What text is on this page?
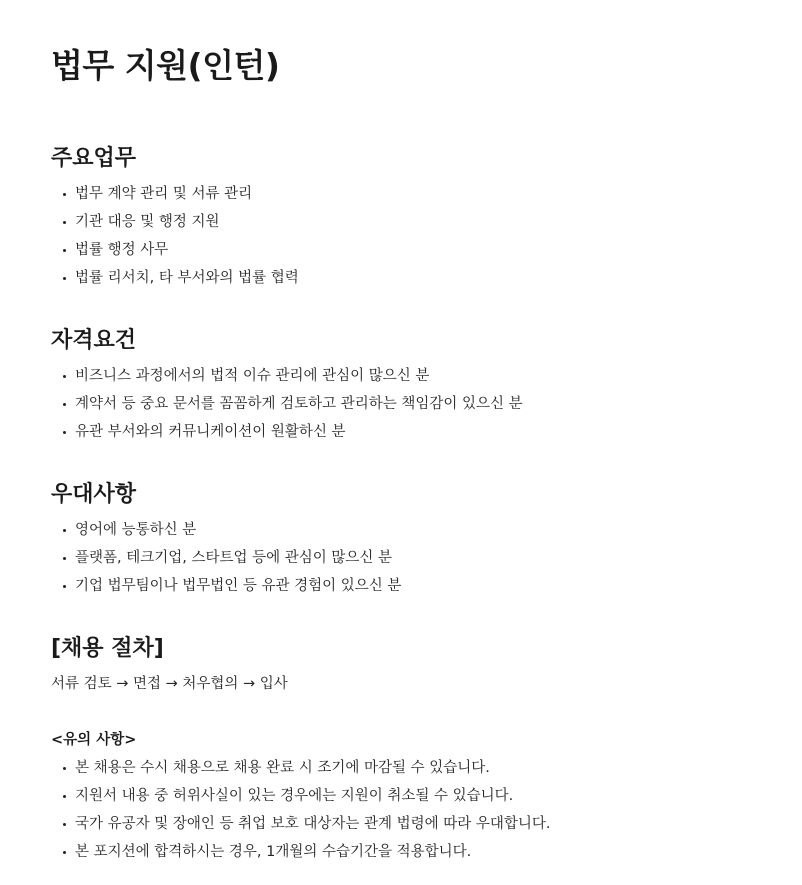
법무 지원(인턴)
주요업무
법무 계약 관리 및 서류 관리
기관 대응 및 행정 지원
법률 행정 사무
법률 리서치, 타 부서와의 법률 협력
자격요건
비즈니스 과정에서의 법적 이슈 관리에 관심이 많으신 분
계약서 등 중요 문서를 꼼꼼하게 검토하고 관리하는 책임감이 있으신 분
유관 부서와의 커뮤니케이션이 원활하신 분
우대사항
영어에 능통하신 분
플랫폼, 테크기업, 스타트업 등에 관심이 많으신 분
기업 법무팀이나 법무법인 등 유관 경험이 있으신 분
[채용 절차]

서류 검토 → 면접 → 처우협의 → 입사

<유의 사항>

본 채용은 수시 채용으로 채용 완료 시 조기에 마감될 수 있습니다.
지원서 내용 중 허위사실이 있는 경우에는 지원이 취소될 수 있습니다.
국가 유공자 및 장애인 등 취업 보호 대상자는 관계 법령에 따라 우대합니다.
본 포지션에 합격하시는 경우, 1개월의 수습기간을 적용합니다.
